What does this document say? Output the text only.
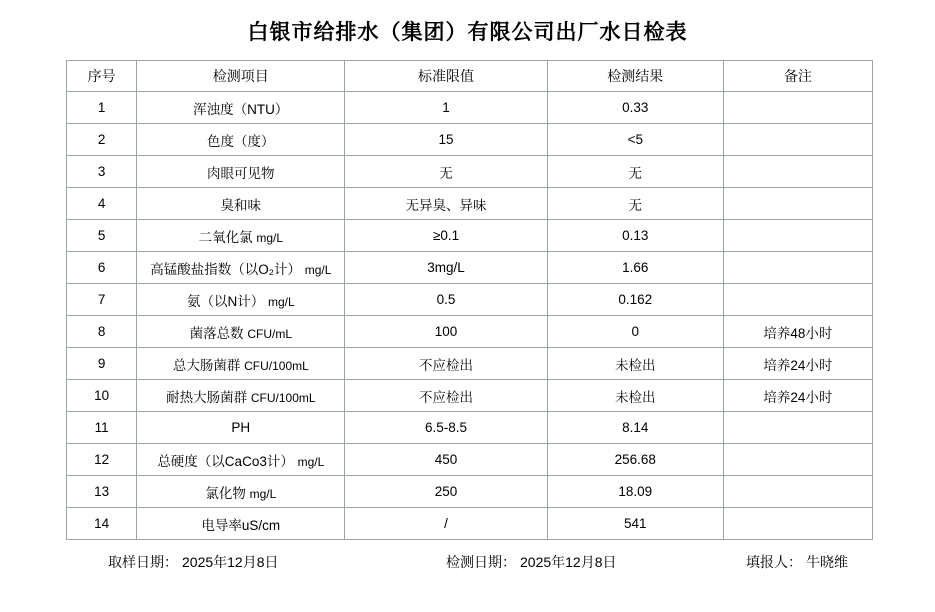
白银市给排水（集团）有限公司出厂水日检表
序号	检测项目	标准限值	检测结果	备注
1	浑浊度（NTU）	1	0.33	
2	色度（度）	15	<5	
3	肉眼可见物	无	无	
4	臭和味	无异臭、异味	无	
5	二氧化氯 mg/L	≥0.1	0.13	
6	高锰酸盐指数（以O₂计） mg/L	3mg/L	1.66	
7	氨（以N计） mg/L	0.5	0.162	
8	菌落总数 CFU/mL	100	0	培养48小时
9	总大肠菌群 CFU/100mL	不应检出	未检出	培养24小时
10	耐热大肠菌群 CFU/100mL	不应检出	未检出	培养24小时
11	PH	6.5-8.5	8.14	
12	总硬度（以CaCo3计） mg/L	450	256.68	
13	氯化物 mg/L	250	18.09	
14	电导率uS/cm	/	541	
取样日期： 2025年12月8日	检测日期： 2025年12月8日	填报人： 牛晓维
